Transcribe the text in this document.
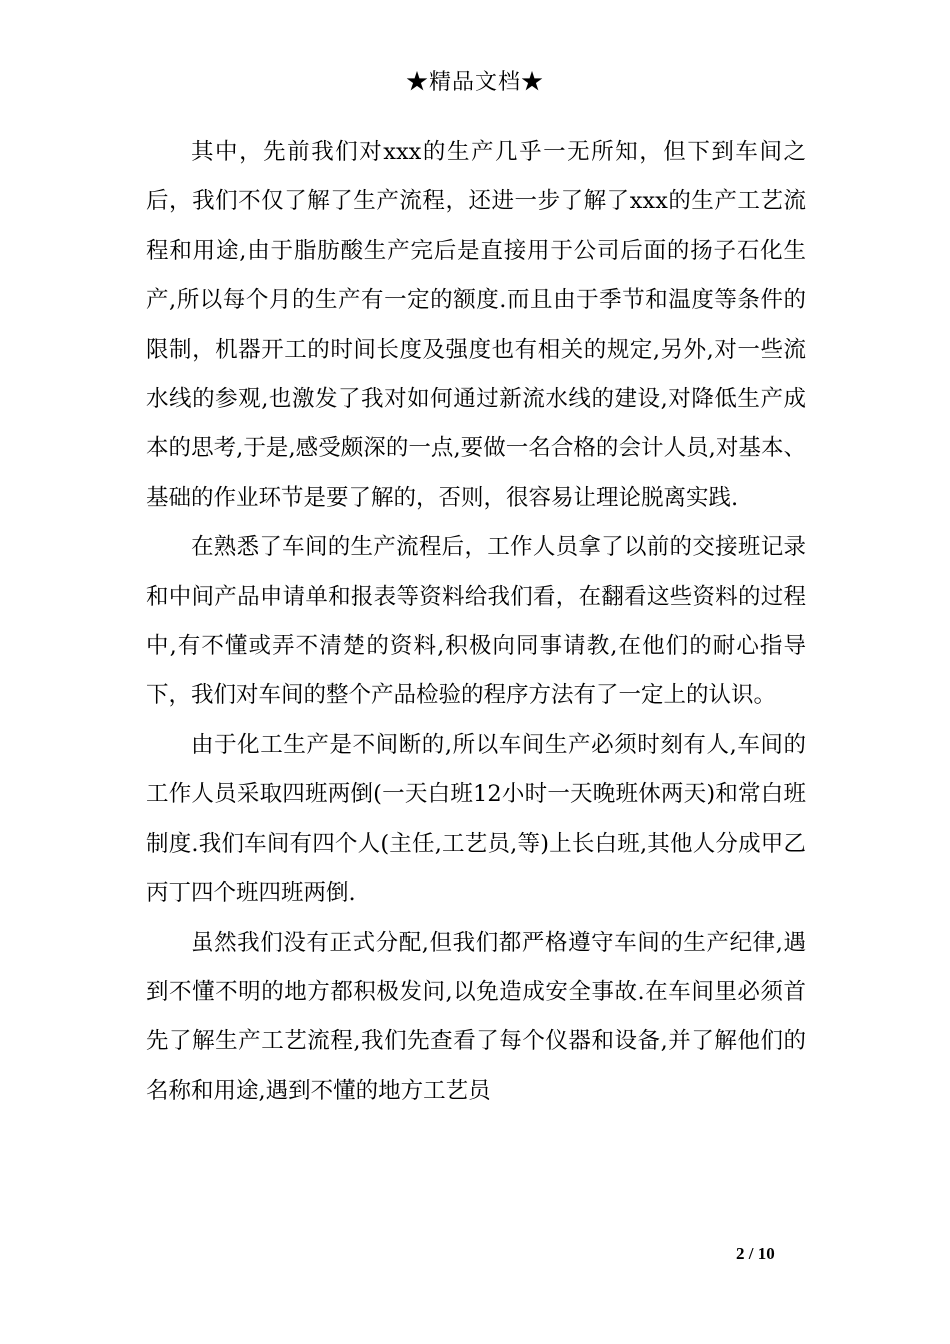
★精品文档★

其中，先前我们对xxx的生产几乎一无所知，但下到车间之后，我们不仅了解了生产流程，还进一步了解了xxx的生产工艺流程和用途,由于脂肪酸生产完后是直接用于公司后面的扬子石化生产,所以每个月的生产有一定的额度.而且由于季节和温度等条件的限制，机器开工的时间长度及强度也有相关的规定,另外,对一些流水线的参观,也激发了我对如何通过新流水线的建设,对降低生产成本的思考,于是,感受颇深的一点,要做一名合格的会计人员,对基本、基础的作业环节是要了解的，否则，很容易让理论脱离实践.

在熟悉了车间的生产流程后，工作人员拿了以前的交接班记录和中间产品申请单和报表等资料给我们看，在翻看这些资料的过程中,有不懂或弄不清楚的资料,积极向同事请教,在他们的耐心指导下，我们对车间的整个产品检验的程序方法有了一定上的认识。

由于化工生产是不间断的,所以车间生产必须时刻有人,车间的工作人员采取四班两倒(一天白班12小时一天晚班休两天)和常白班制度.我们车间有四个人(主任,工艺员,等)上长白班,其他人分成甲乙丙丁四个班四班两倒.

虽然我们没有正式分配,但我们都严格遵守车间的生产纪律,遇到不懂不明的地方都积极发问,以免造成安全事故.在车间里必须首先了解生产工艺流程,我们先查看了每个仪器和设备,并了解他们的名称和用途,遇到不懂的地方工艺员

2 / 10
